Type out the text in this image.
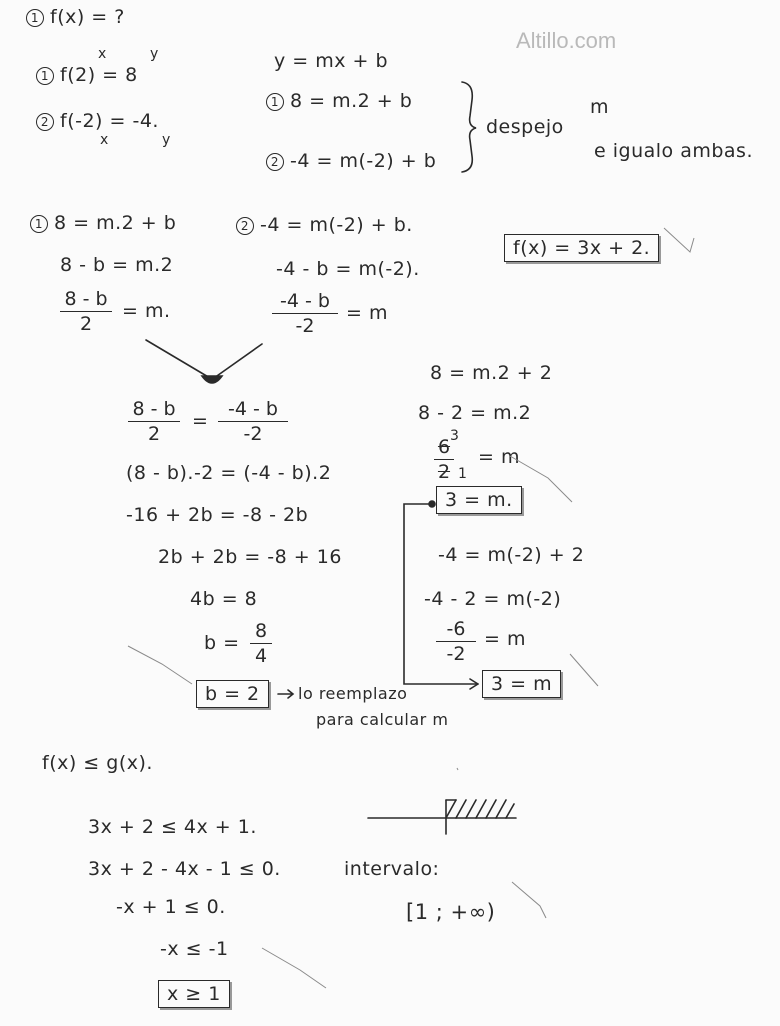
Altillo.com
1 f(x) = ?
x	y
1 f(2) = 8
2 f(-2) = -4.
x	y
y = mx + b
1 8 = m.2 + b
2 -4 = m(-2) + b
despejo
m
e igualo ambas.
1 8 = m.2 + b
8 - b = m.2
8 - b
2
= m.
2 -4 = m(-2) + b.
-4 - b = m(-2).
-4 - b
-2
= m
f(x) = 3x + 2.
8 - b
2
=
-4 - b
-2
(8 - b).-2 = (-4 - b).2
-16 + 2b = -8 - 2b
2b + 2b = -8 + 16
4b = 8
b =
8
4
b = 2	lo reemplazo
para calcular m
8 = m.2 + 2
8 - 2 = m.2
3
6
2 1
= m
3 = m.
-4 = m(-2) + 2
-4 - 2 = m(-2)
-6
-2
= m
3 = m
f(x) ≤ g(x).
3x + 2 ≤ 4x + 1.
3x + 2 - 4x - 1 ≤ 0.
-x + 1 ≤ 0.
-x ≤ -1
x ≥ 1
intervalo:
[1 ; +∞)
